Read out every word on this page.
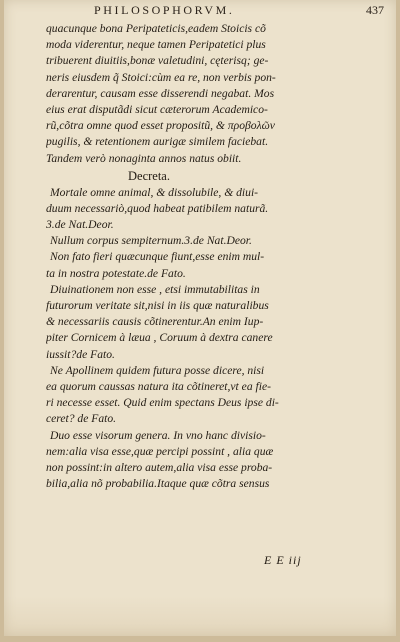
PHILOSOPHORVM.	437
quacunque bona Peripateticis,eadem Stoicis cõ
moda viderentur, neque tamen Peripatetici plus
tribuerent diuitiis,bonæ valetudini, cęterisq; ge-
neris eiusdem q̃ Stoici:cùm ea re, non verbis pon-
derarentur, causam esse disserendi negabat. Mos
eius erat disputãdi sicut cæterorum Academico-
rũ,cõtra omne quod esset propositũ, & προβολῶν
pugilis, & retentionem aurigæ similem faciebat.
Tandem verò nonaginta annos natus obiit.
Decreta.
Mortale omne animal, & dissolubile, & diui-
duum necessariò,quod habeat patibilem naturã.
3.de Nat.Deor.
Nullum corpus sempiternum.3.de Nat.Deor.
Non fato fieri quæcunque fiunt,esse enim mul-
ta in nostra potestate.de Fato.
Diuinationem non esse , etsi immutabilitas in
futurorum veritate sit,nisi in iis quæ naturalibus
& necessariis causis cõtinerentur.An enim Iup-
piter Cornicem à læua , Coruum à dextra canere
iussit?de Fato.
Ne Apollinem quidem futura posse dicere, nisi
ea quorum caussas natura ita cõtineret,vt ea fie-
ri necesse esset. Quid enim spectans Deus ipse di-
ceret? de Fato.
Duo esse visorum genera. In vno hanc divisio-
nem:alia visa esse,quæ percipi possint , alia quæ
non possint:in altero autem,alia visa esse proba-
bilia,alia nõ probabilia.Itaque quæ cõtra sensus
E E iij
